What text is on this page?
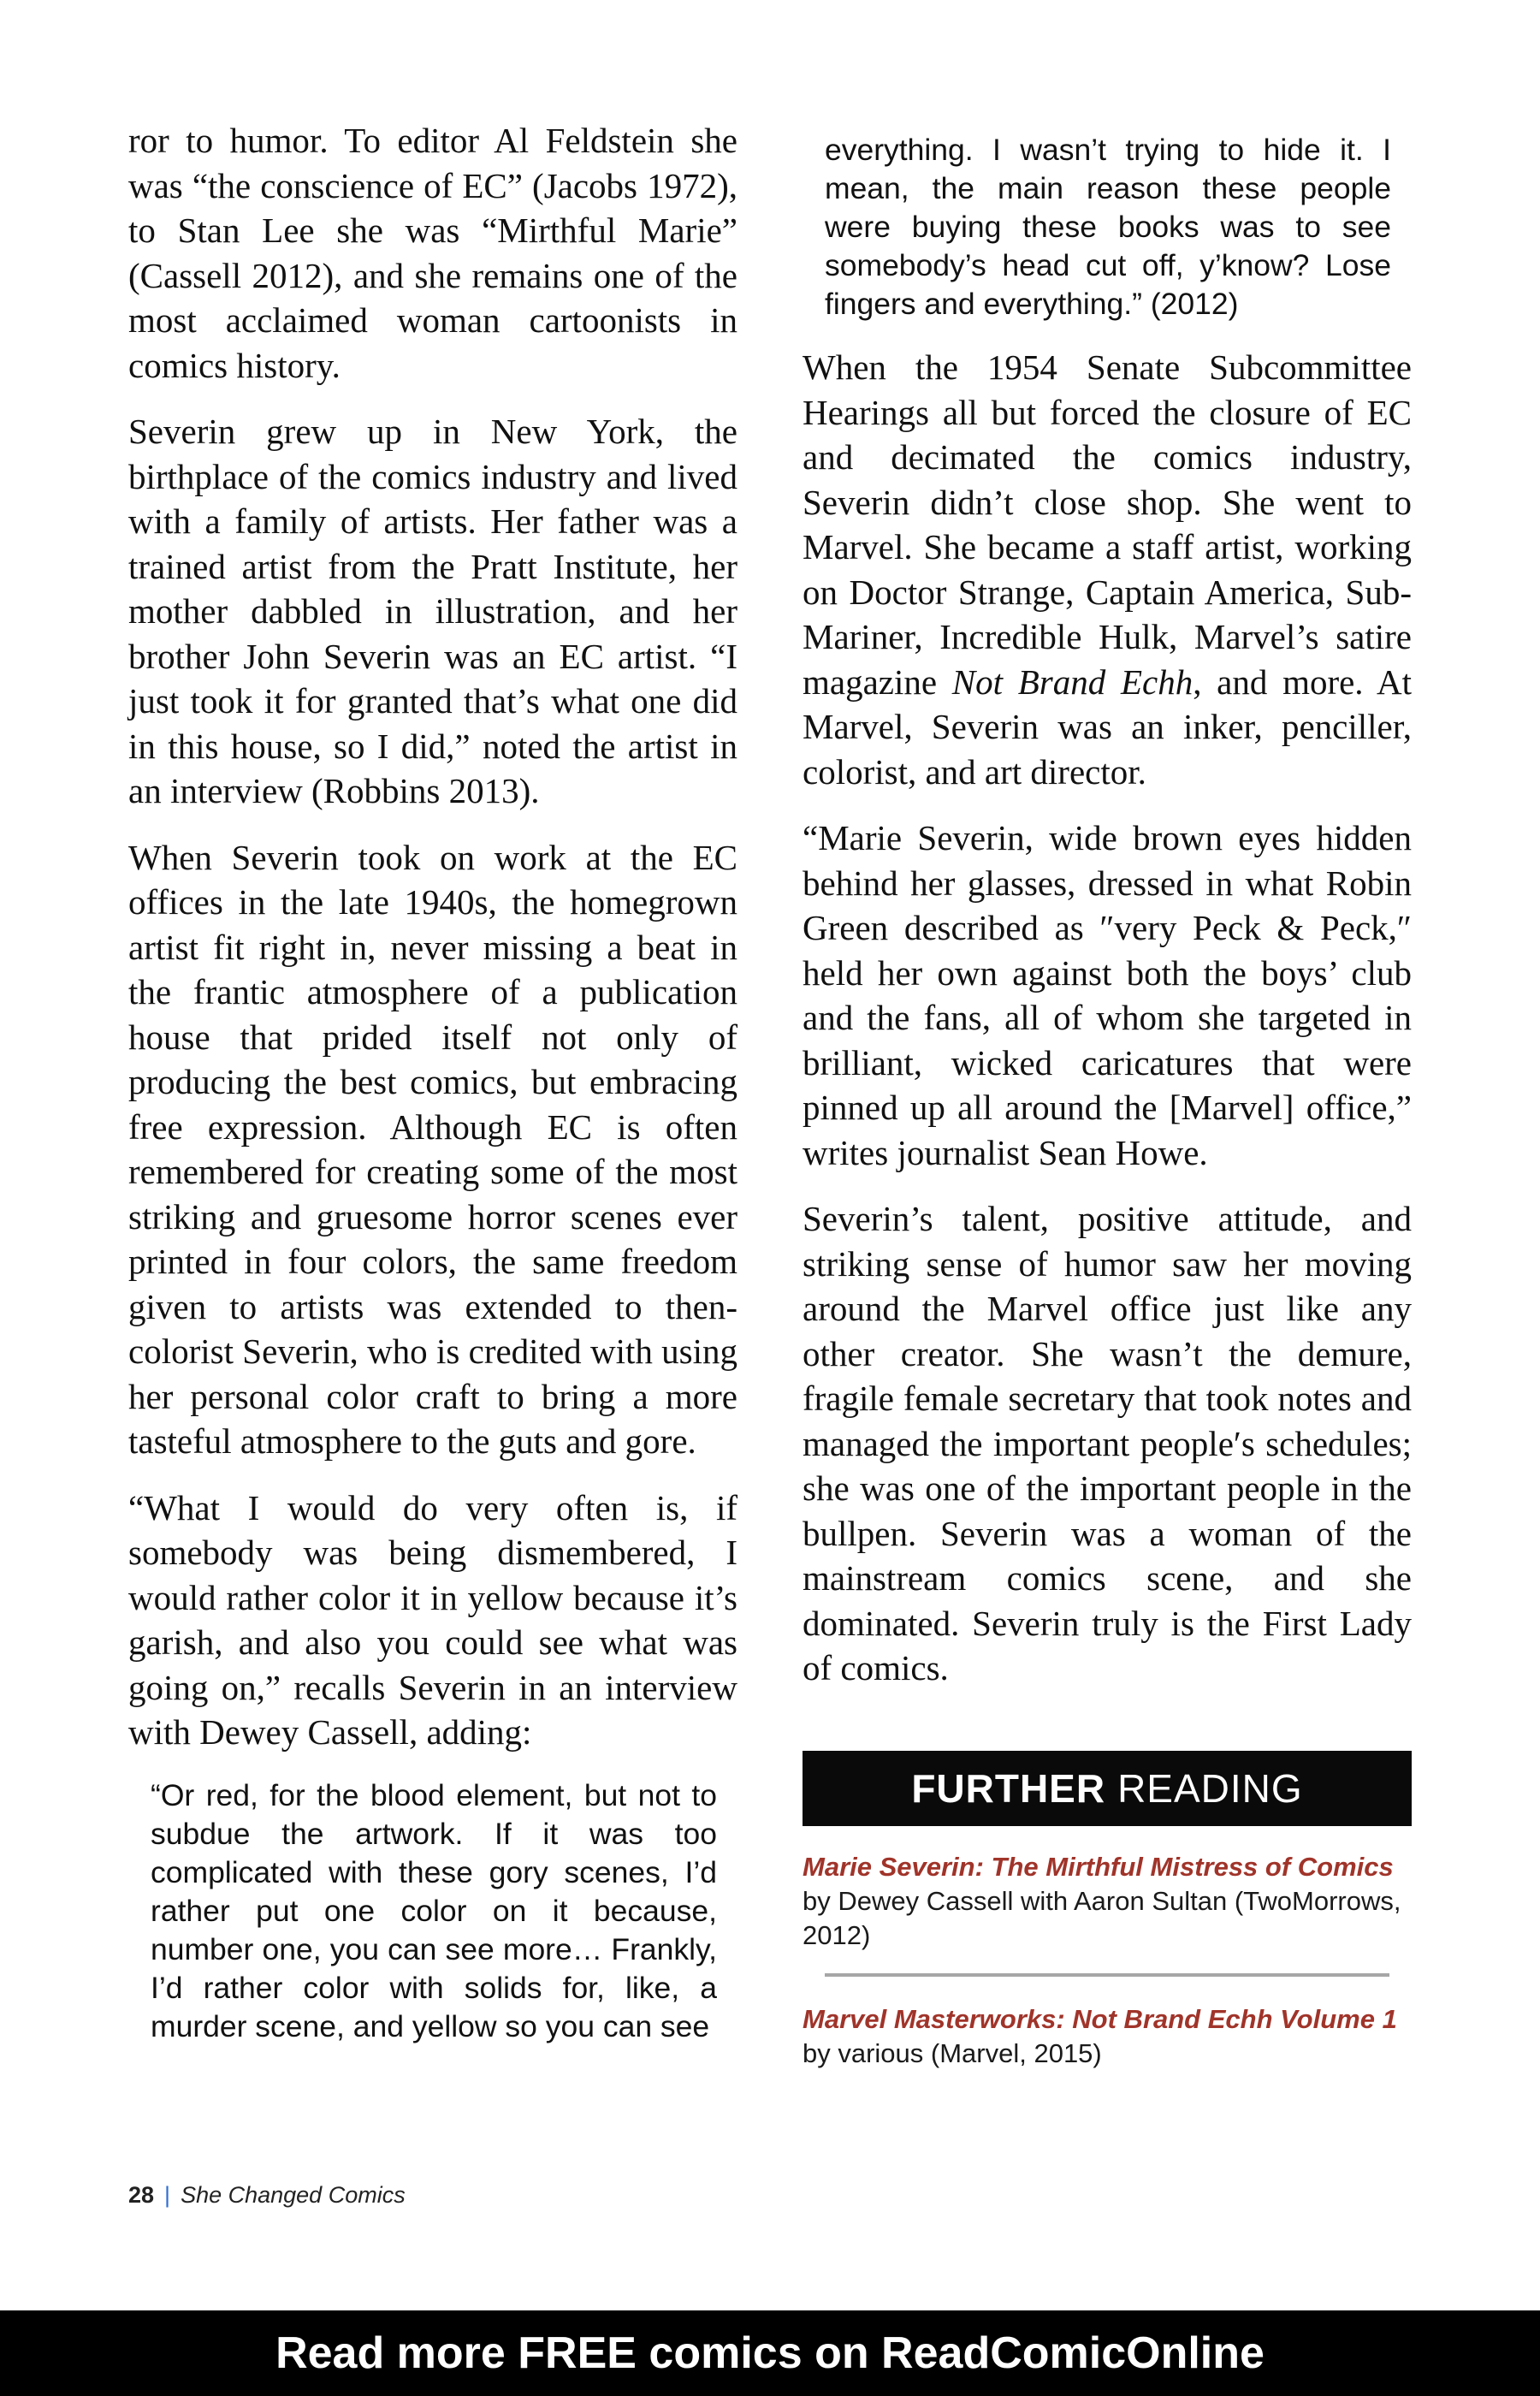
ror to humor. To editor Al Feldstein she was “the conscience of EC” (Jacobs 1972), to Stan Lee she was “Mirthful Marie” (Cassell 2012), and she remains one of the most acclaimed woman cartoonists in comics history.

Severin grew up in New York, the birthplace of the comics industry and lived with a family of artists. Her father was a trained artist from the Pratt Institute, her mother dabbled in illustration, and her brother John Severin was an EC artist. “I just took it for granted that’s what one did in this house, so I did,” noted the artist in an interview (Robbins 2013).

When Severin took on work at the EC offices in the late 1940s, the homegrown artist fit right in, never missing a beat in the frantic atmosphere of a publication house that prided itself not only of producing the best comics, but embracing free expression. Although EC is often remembered for creating some of the most striking and gruesome horror scenes ever printed in four colors, the same freedom given to artists was extended to then-colorist Severin, who is credited with using her personal color craft to bring a more tasteful atmosphere to the guts and gore.

“What I would do very often is, if somebody was being dismembered, I would rather color it in yellow because it’s garish, and also you could see what was going on,” recalls Severin in an interview with Dewey Cassell, adding:

“Or red, for the blood element, but not to subdue the artwork. If it was too complicated with these gory scenes, I’d rather put one color on it because, number one, you can see more… Frankly, I’d rather color with solids for, like, a murder scene, and yellow so you can see

everything. I wasn’t trying to hide it. I mean, the main reason these people were buying these books was to see somebody’s head cut off, y’know? Lose fingers and everything.” (2012)

When the 1954 Senate Subcommittee Hearings all but forced the closure of EC and decimated the comics industry, Severin didn’t close shop. She went to Marvel. She became a staff artist, working on Doctor Strange, Captain America, Sub-Mariner, Incredible Hulk, Marvel’s satire magazine Not Brand Echh, and more. At Marvel, Severin was an inker, penciller, colorist, and art director.

“Marie Severin, wide brown eyes hidden behind her glasses, dressed in what Robin Green described as ″very Peck & Peck,″ held her own against both the boys’ club and the fans, all of whom she targeted in brilliant, wicked caricatures that were pinned up all around the [Marvel] office,” writes journalist Sean Howe.

Severin’s talent, positive attitude, and striking sense of humor saw her moving around the Marvel office just like any other creator. She wasn’t the demure, fragile female secretary that took notes and managed the important people′s schedules; she was one of the important people in the bullpen. Severin was a woman of the mainstream comics scene, and she dominated. Severin truly is the First Lady of comics.

FURTHER READING
Marie Severin: The Mirthful Mistress of Comics by Dewey Cassell with Aaron Sultan (TwoMorrows, 2012)
Marvel Masterworks: Not Brand Echh Volume 1 by various (Marvel, 2015)
28 | She Changed Comics
Read more FREE comics on ReadComicOnline
